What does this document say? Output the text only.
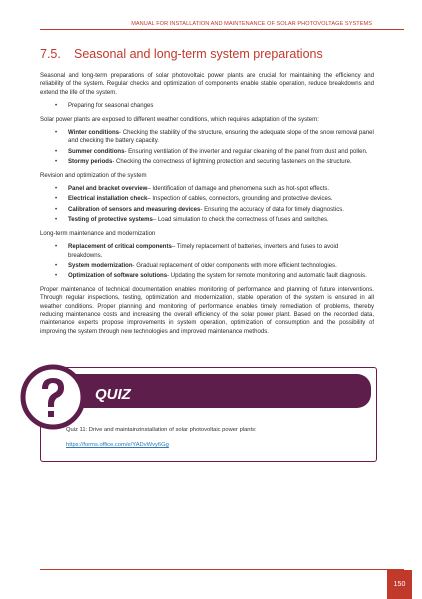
MANUAL FOR INSTALLATION AND MAINTENANCE OF SOLAR PHOTOVOLTAGE SYSTEMS
7.5. Seasonal and long-term system preparations

Seasonal and long-term preparations of solar photovoltaic power plants are crucial for maintaining the efficiency and reliability of the system. Regular checks and optimization of components enable stable operation, reduce breakdowns and extend the life of the system.

• Preparing for seasonal changes

Solar power plants are exposed to different weather conditions, which requires adaptation of the system:

• Winter conditions- Checking the stability of the structure, ensuring the adequate slope of the snow removal panel and checking the battery capacity.
• Summer conditions- Ensuring ventilation of the inverter and regular cleaning of the panel from dust and pollen.
• Stormy periods- Checking the correctness of lightning protection and securing fasteners on the structure.

Revision and optimization of the system

• Panel and bracket overview– Identification of damage and phenomena such as hot-spot effects.
• Electrical installation check– Inspection of cables, connectors, grounding and protective devices.
• Calibration of sensors and measuring devices- Ensuring the accuracy of data for timely diagnostics.
• Testing of protective systems– Load simulation to check the correctness of fuses and switches.

Long-term maintenance and modernization

• Replacement of critical components– Timely replacement of batteries, inverters and fuses to avoid breakdowns.
• System modernization- Gradual replacement of older components with more efficient technologies.
• Optimization of software solutions- Updating the system for remote monitoring and automatic fault diagnosis.

Proper maintenance of technical documentation enables monitoring of performance and planning of future interventions. Through regular inspections, testing, optimization and modernization, stable operation of the system is ensured in all weather conditions. Proper planning and monitoring of performance enables timely remediation of problems, thereby reducing maintenance costs and increasing the overall efficiency of the solar power plant. Based on the recorded data, maintenance experts propose improvements in system operation, optimization of consumption and the possibility of improving the system through new technologies and improved maintenance methods.

QUIZ
Quiz 11: Drive and maintainzinstallation of solar photovoltaic power plants:
https://forms.office.com/e/YADvWvy6Gg
150
